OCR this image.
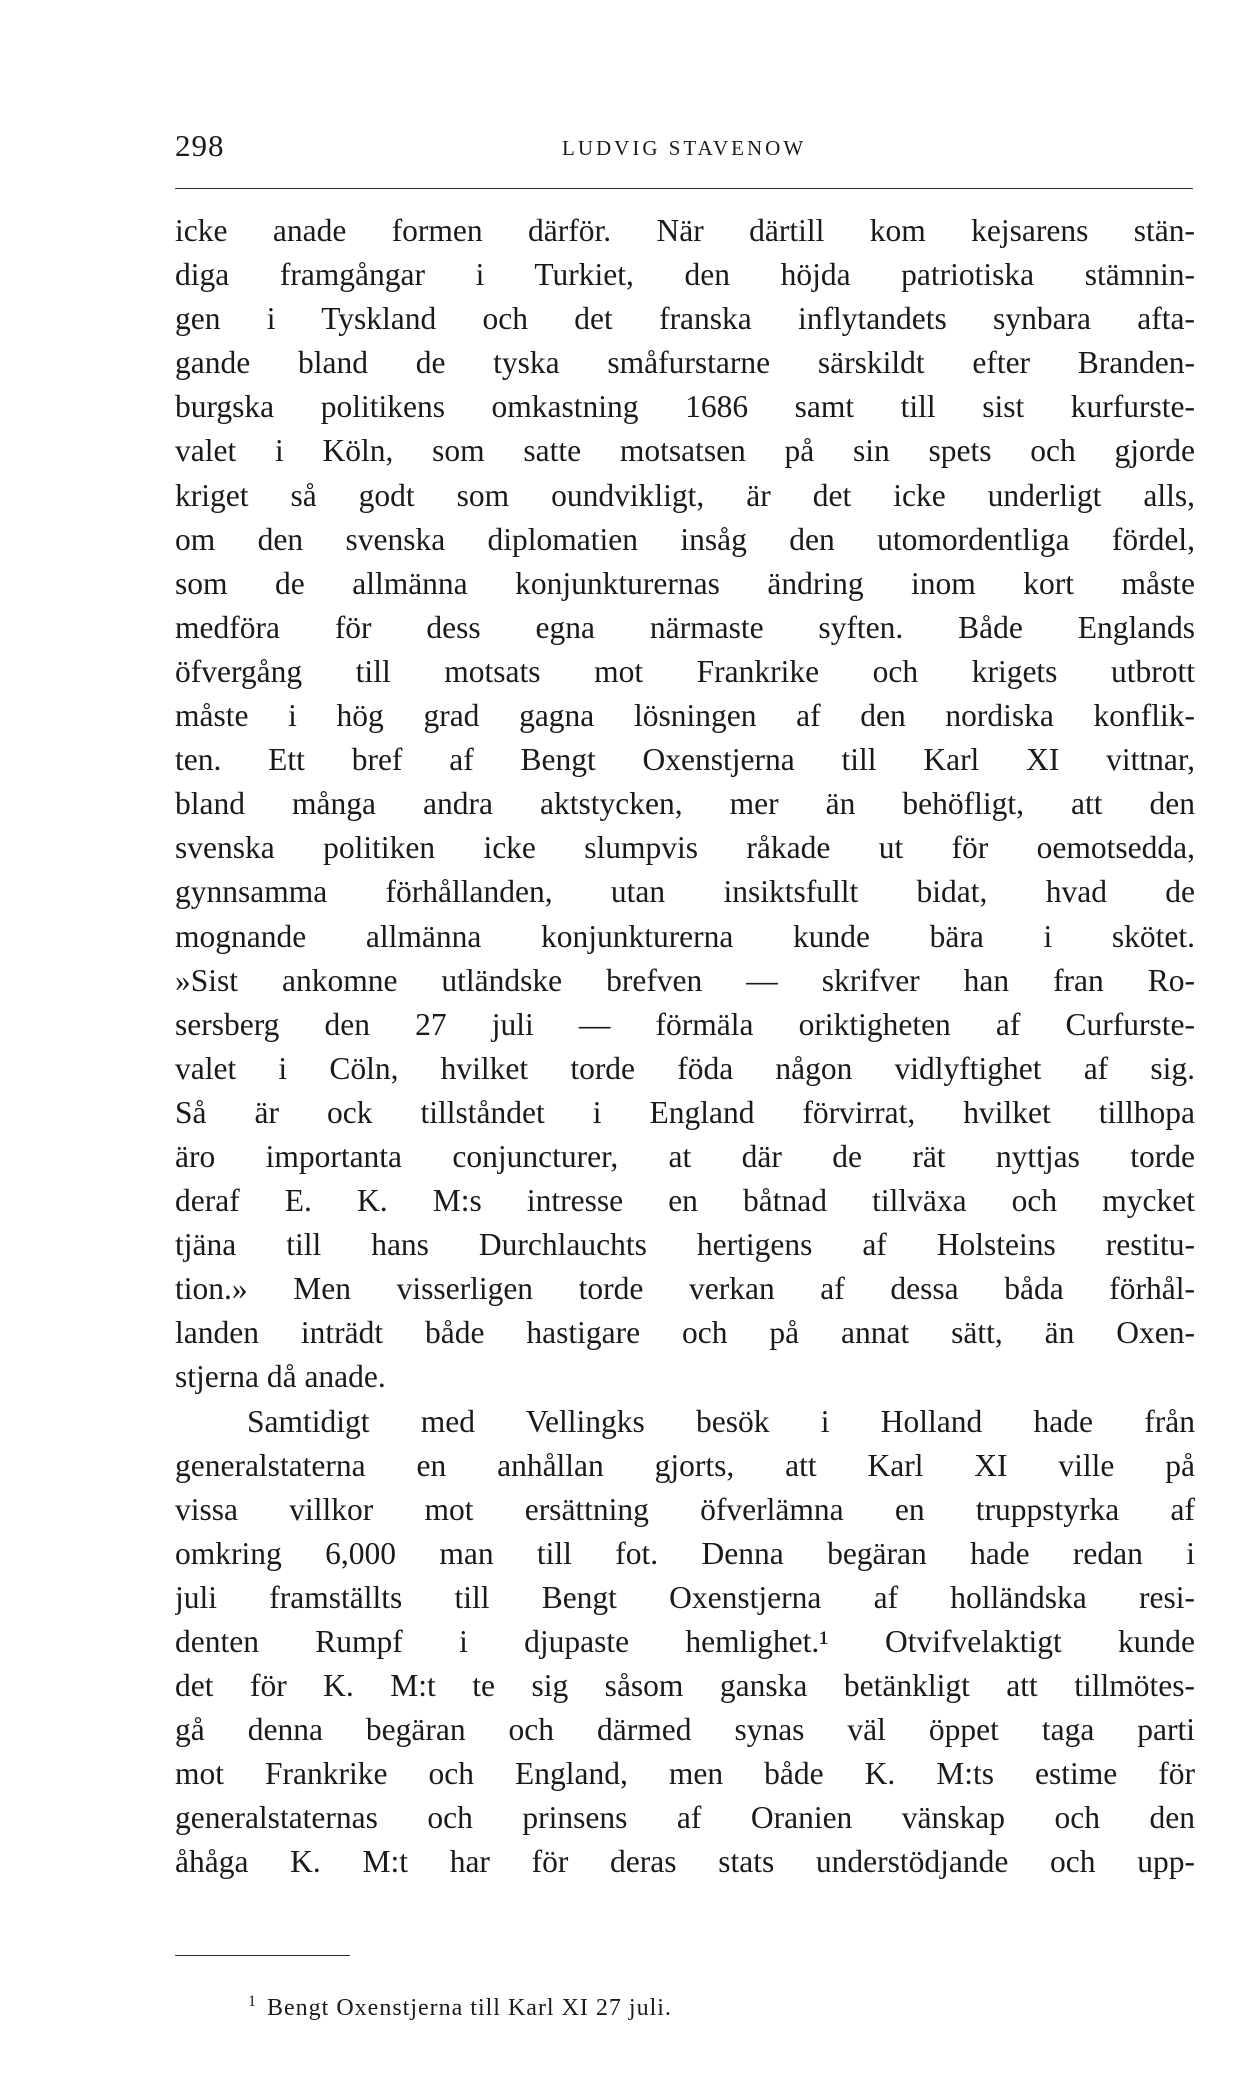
298	LUDVIG STAVENOW
icke anade formen därför. När därtill kom kejsarens stän-
diga framgångar i Turkiet, den höjda patriotiska stämnin-
gen i Tyskland och det franska inflytandets synbara afta-
gande bland de tyska småfurstarne särskildt efter Branden-
burgska politikens omkastning 1686 samt till sist kurfurste-
valet i Köln, som satte motsatsen på sin spets och gjorde
kriget så godt som oundvikligt, är det icke underligt alls,
om den svenska diplomatien insåg den utomordentliga fördel,
som de allmänna konjunkturernas ändring inom kort måste
medföra för dess egna närmaste syften. Både Englands
öfvergång till motsats mot Frankrike och krigets utbrott
måste i hög grad gagna lösningen af den nordiska konflik-
ten. Ett bref af Bengt Oxenstjerna till Karl XI vittnar,
bland många andra aktstycken, mer än behöfligt, att den
svenska politiken icke slumpvis råkade ut för oemotsedda,
gynnsamma förhållanden, utan insiktsfullt bidat, hvad de
mognande allmänna konjunkturerna kunde bära i skötet.
»Sist ankomne utländske brefven — skrifver han fran Ro-
sersberg den 27 juli — förmäla oriktigheten af Curfurste-
valet i Cöln, hvilket torde föda någon vidlyftighet af sig.
Så är ock tillståndet i England förvirrat, hvilket tillhopa
äro importanta conjuncturer, at där de rät nyttjas torde
deraf E. K. M:s intresse en båtnad tillväxa och mycket
tjäna till hans Durchlauchts hertigens af Holsteins restitu-
tion.» Men visserligen torde verkan af dessa båda förhål-
landen inträdt både hastigare och på annat sätt, än Oxen-
stjerna då anade.
Samtidigt med Vellingks besök i Holland hade från
generalstaterna en anhållan gjorts, att Karl XI ville på
vissa villkor mot ersättning öfverlämna en truppstyrka af
omkring 6,000 man till fot. Denna begäran hade redan i
juli framställts till Bengt Oxenstjerna af holländska resi-
denten Rumpf i djupaste hemlighet.¹ Otvifvelaktigt kunde
det för K. M:t te sig såsom ganska betänkligt att tillmötes-
gå denna begäran och därmed synas väl öppet taga parti
mot Frankrike och England, men både K. M:ts estime för
generalstaternas och prinsens af Oranien vänskap och den
åhåga K. M:t har för deras stats understödjande och upp-
$^1$ Bengt Oxenstjerna till Karl XI 27 juli.
